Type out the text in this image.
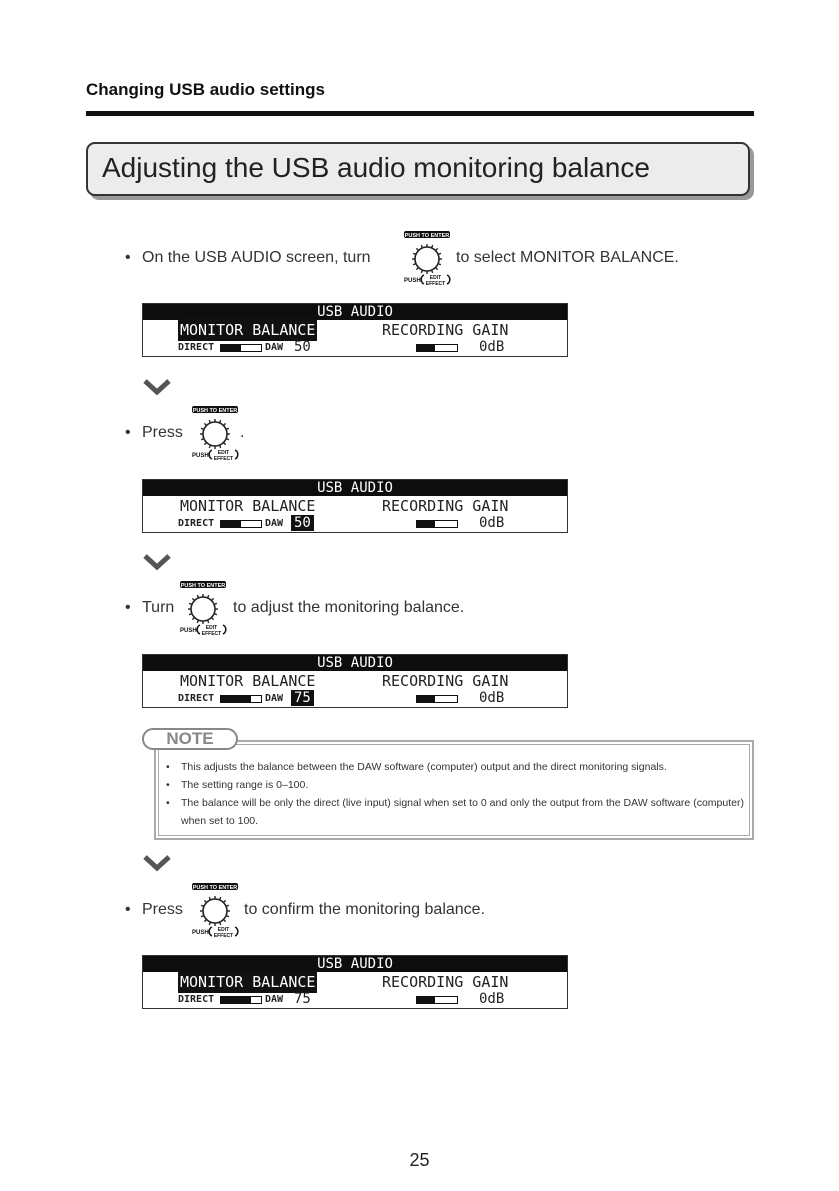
Changing USB audio settings
Adjusting the USB audio monitoring balance
• On the USB AUDIO screen, turn	to select MONITOR BALANCE.
PUSH TO ENTER
PUSH EDIT
EFFECT
USB AUDIO
MONITOR BALANCE	RECORDING GAIN
DIRECT	DAW 50	0dB
• Press	.
PUSH TO ENTER
PUSH EDIT
EFFECT
USB AUDIO
MONITOR BALANCE	RECORDING GAIN
DIRECT	DAW 50	0dB
• Turn	to adjust the monitoring balance.
PUSH TO ENTER
PUSH EDIT
EFFECT
USB AUDIO
MONITOR BALANCE	RECORDING GAIN
DIRECT	DAW 75	0dB
NOTE
• This adjusts the balance between the DAW software (computer) output and the direct monitoring signals.
• The setting range is 0–100.
• The balance will be only the direct (live input) signal when set to 0 and only the output from the DAW software (computer) when set to 100.
• Press	to confirm the monitoring balance.
PUSH TO ENTER
PUSH EDIT
EFFECT
USB AUDIO
MONITOR BALANCE	RECORDING GAIN
DIRECT	DAW 75	0dB
25
